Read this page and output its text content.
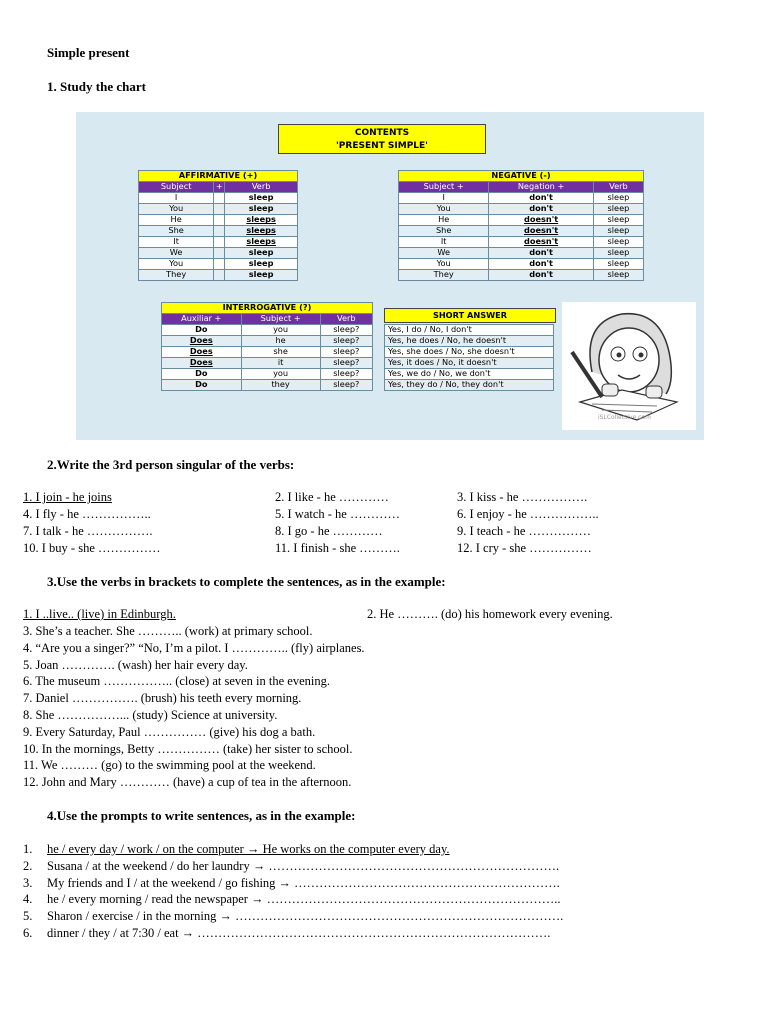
Simple present
1. Study the chart
CONTENTS
'PRESENT SIMPLE'
AFFIRMATIVE (+)		
Subject	+	Verb
I		sleep
You		sleep
He		sleeps
She		sleeps
It		sleeps
We		sleep
You		sleep
They		sleep
NEGATIVE (-)		
Subject +	Negation +	Verb
I	don't	sleep
You	don't	sleep
He	doesn't	sleep
She	doesn't	sleep
It	doesn't	sleep
We	don't	sleep
You	don't	sleep
They	don't	sleep
INTERROGATIVE (?)		
Auxiliar +	Subject +	Verb
Do	you	sleep?
Does	he	sleep?
Does	she	sleep?
Does	it	sleep?
Do	you	sleep?
Do	they	sleep?
SHORT ANSWER
Yes, I do / No, I don't
Yes, he does / No, he doesn't
Yes, she does / No, she doesn't
Yes, it does / No, it doesn't
Yes, we do / No, we don't
Yes, they do / No, they don't
iSLCollective.com
2.Write the 3rd person singular of the verbs:
1. I join - he joins	2. I like - he …………	3. I kiss - he …………….
4. I fly - he ……………..	5. I watch - he …………	6. I enjoy - he ……………..
7. I talk - he …………….	8. I go - he …………	9. I teach - he ……………
10. I buy - she ……………	11. I finish - she ……….	12. I cry - she ……………
3.Use the verbs in brackets to complete the sentences, as in the example:
1. I ..live.. (live) in Edinburgh.	2. He ………. (do) his homework every evening.
3. She’s a teacher. She ……….. (work) at primary school.
4. “Are you a singer?” “No, I’m a pilot. I ………….. (fly) airplanes.
5. Joan …………. (wash) her hair every day.
6. The museum …………….. (close) at seven in the evening.
7. Daniel ……………. (brush) his teeth every morning.
8. She ……………... (study) Science at university.
9. Every Saturday, Paul …………… (give) his dog a bath.
10. In the mornings, Betty …………… (take) her sister to school.
11. We ……… (go) to the swimming pool at the weekend.
12. John and Mary ………… (have) a cup of tea in the afternoon.
4.Use the prompts to write sentences, as in the example:
1. he / every day / work / on the computer → He works on the computer every day.
2. Susana / at the weekend / do her laundry → …………………………………………………………….
3. My friends and I / at the weekend / go fishing → ……………………………………………………….
4. he / every morning / read the newspaper → ……………………………………………………………..
5. Sharon / exercise / in the morning → …………………………………………………………………….
6. dinner / they / at 7:30 / eat → ………………………………………………………………………….
